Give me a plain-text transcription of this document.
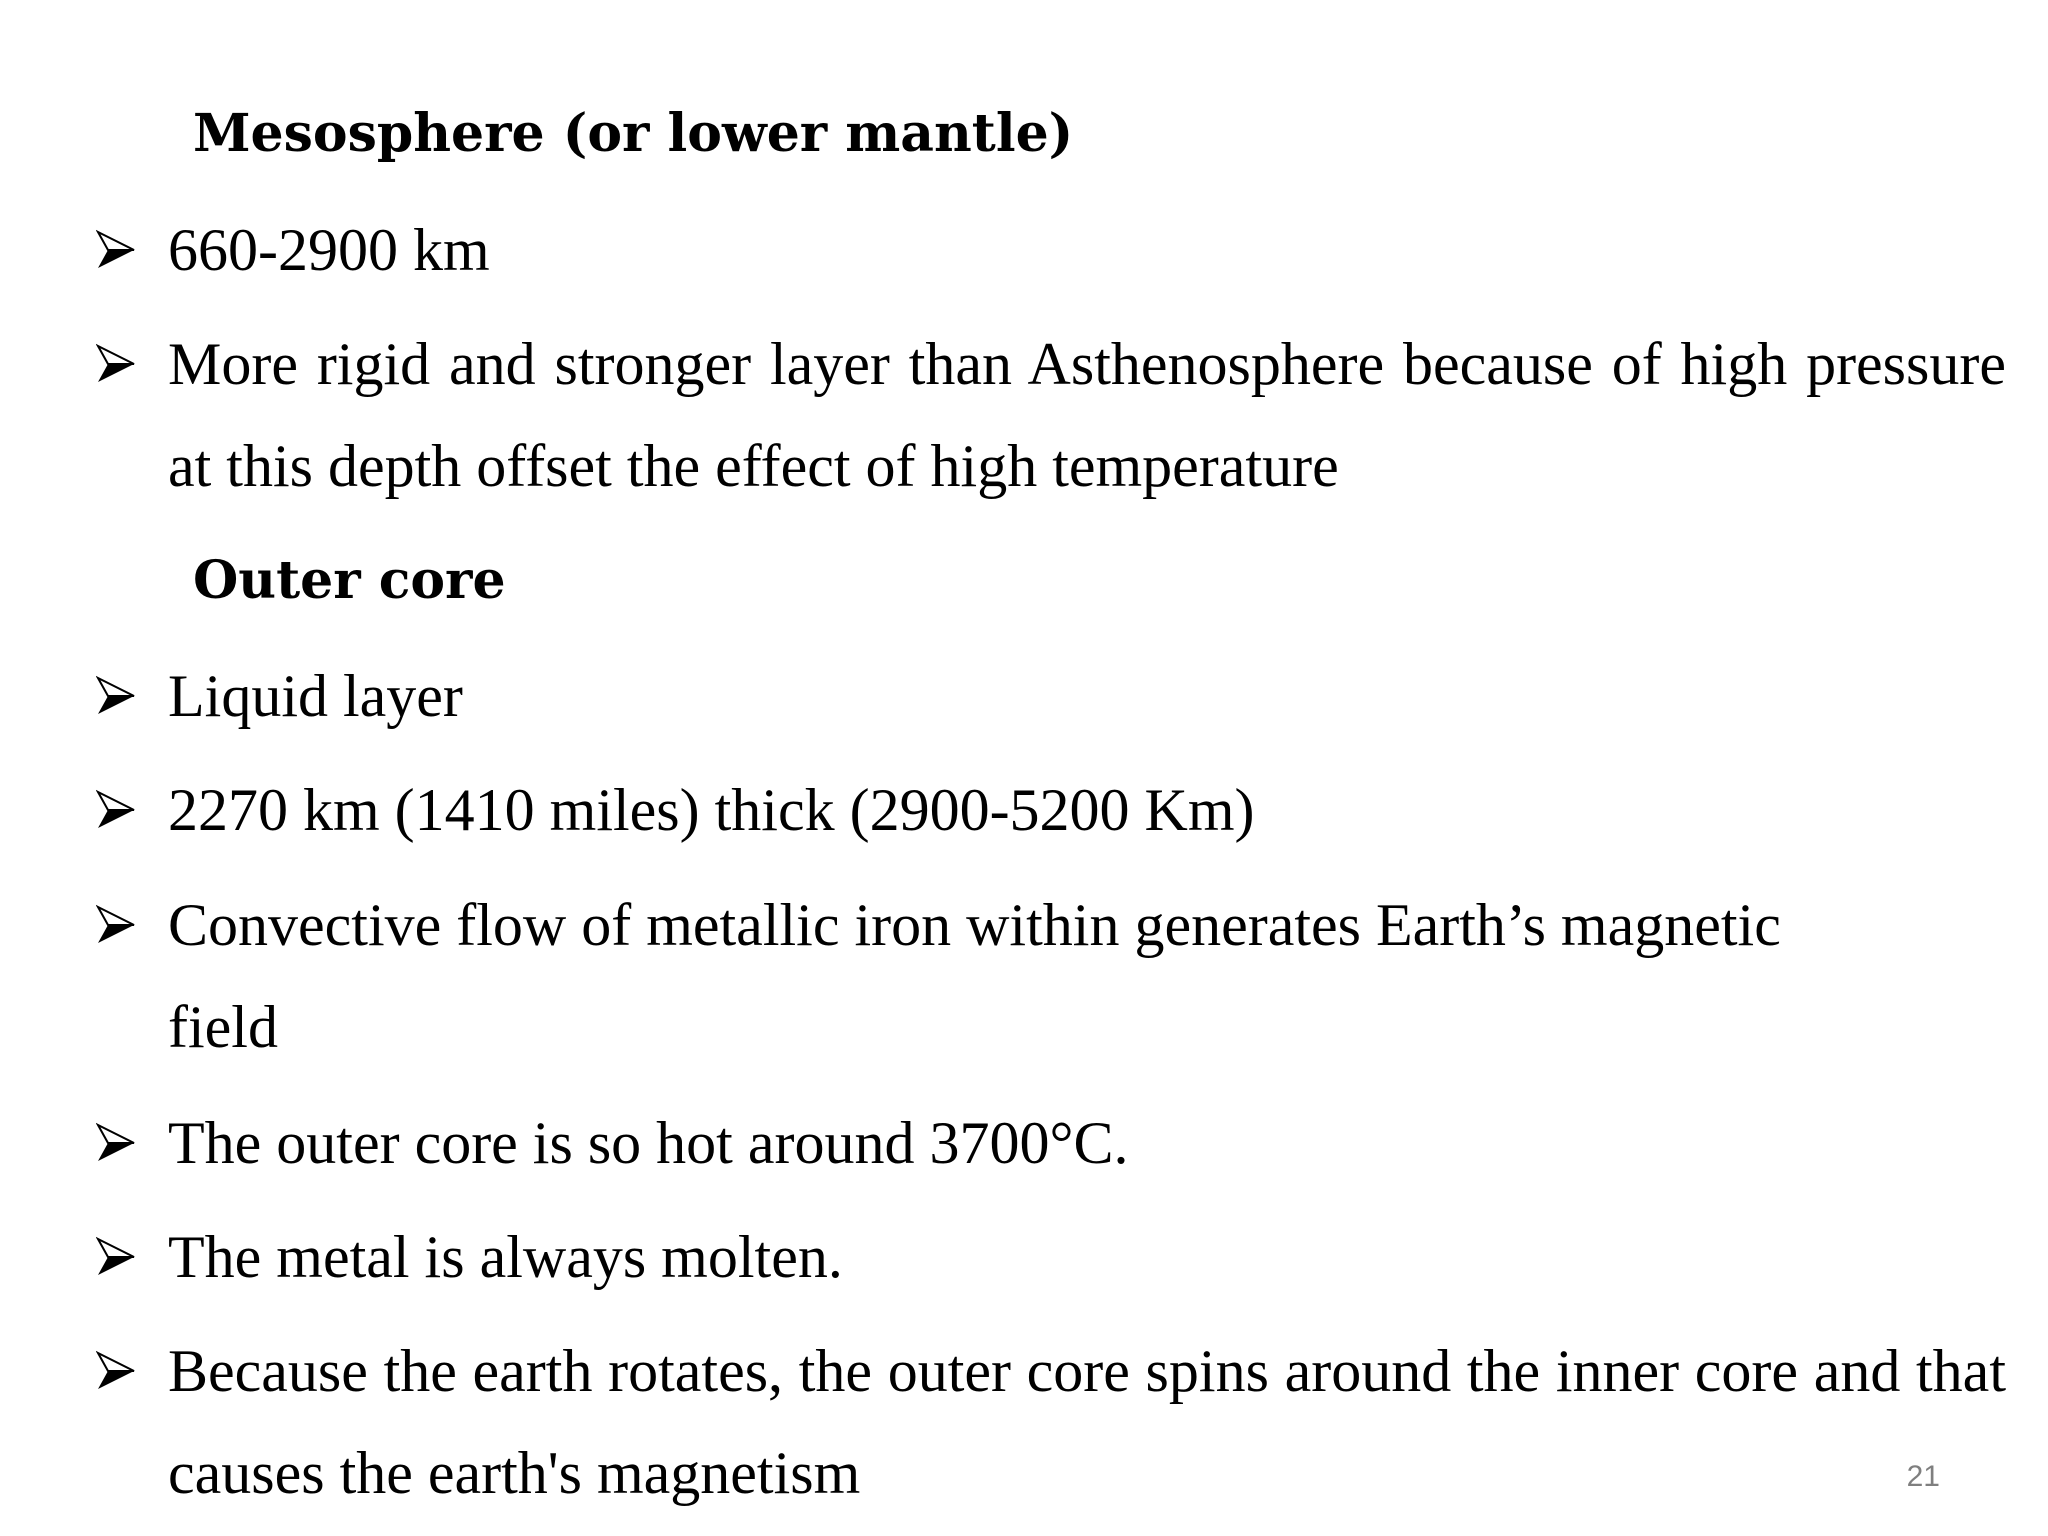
Mesosphere (or lower mantle)
660-2900 km
More rigid and stronger layer than Asthenosphere because of high pressure at this depth offset the effect of high temperature
Outer core
Liquid layer
2270 km (1410 miles) thick (2900-5200 Km)
Convective flow of metallic iron within generates Earth’s magnetic field
The outer core is so hot around 3700°C.
The metal is always molten.
Because the earth rotates, the outer core spins around the inner core and that causes the earth's magnetism	21
